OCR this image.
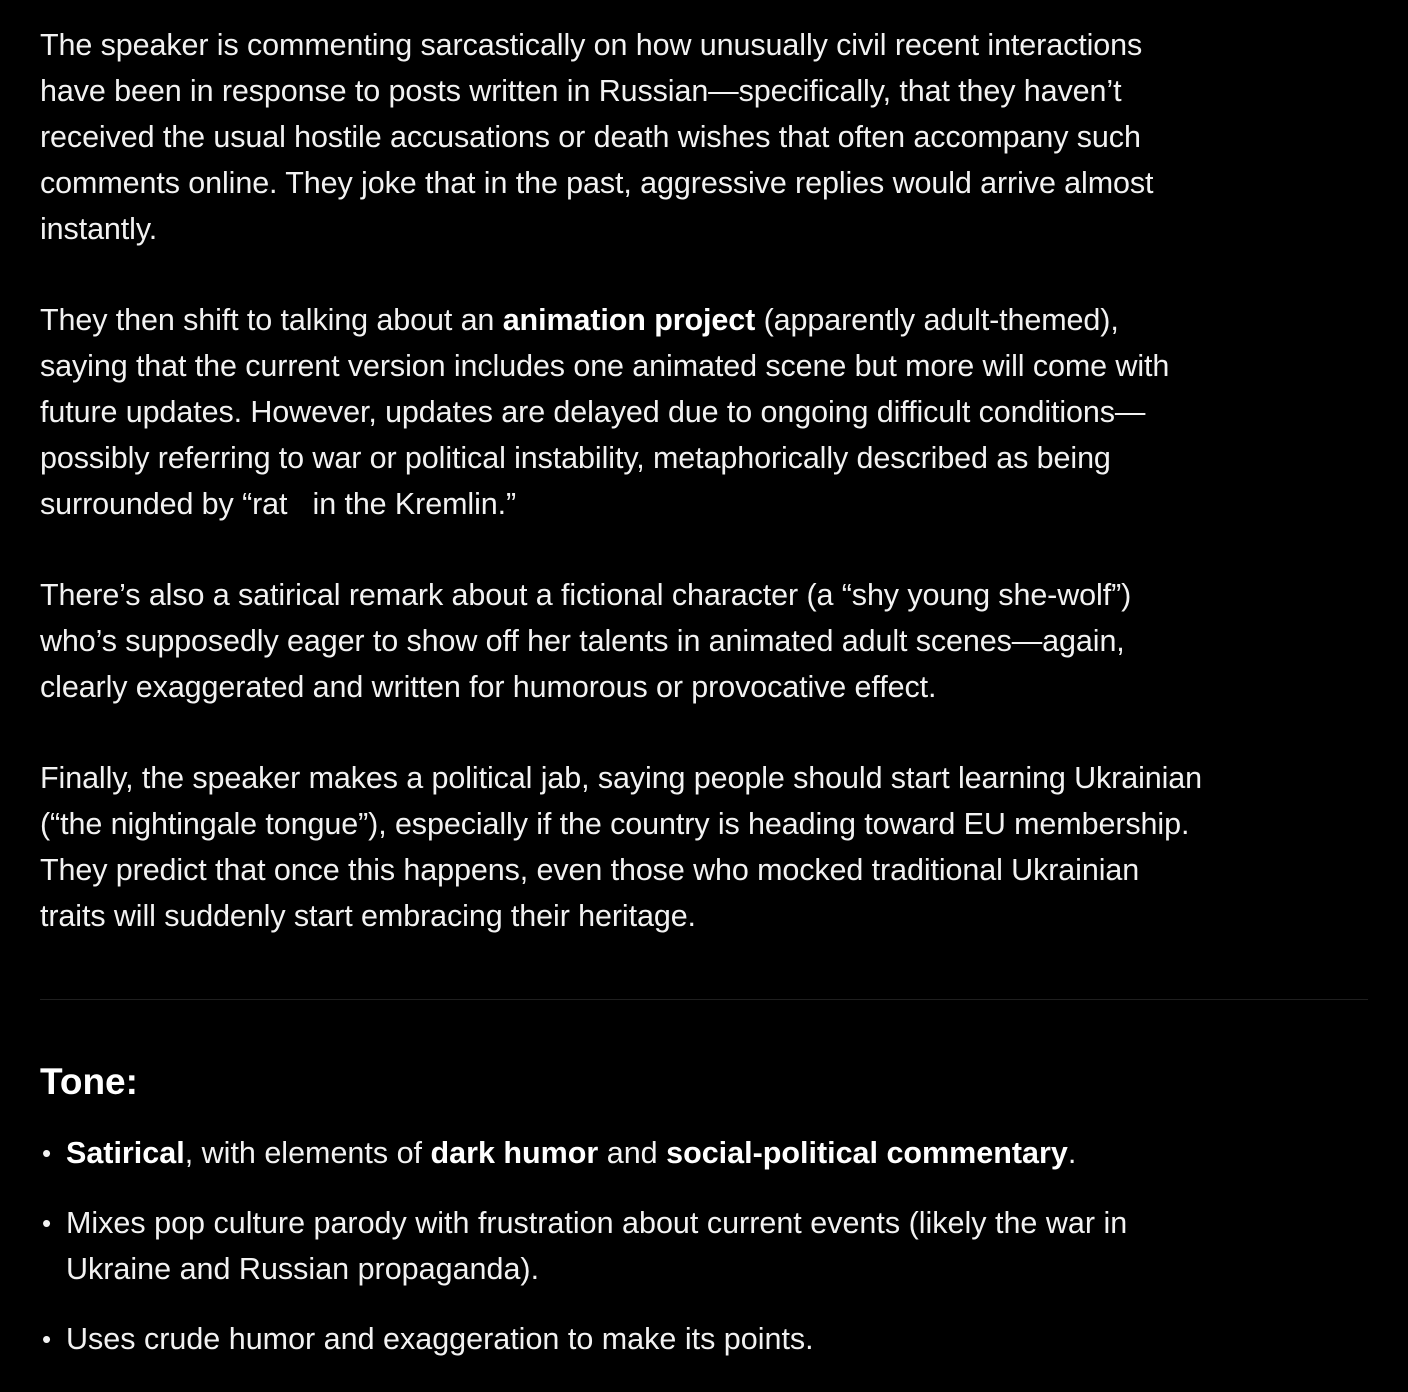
The speaker is commenting sarcastically on how unusually civil recent interactions
have been in response to posts written in Russian—specifically, that they haven’t
received the usual hostile accusations or death wishes that often accompany such
comments online. They joke that in the past, aggressive replies would arrive almost
instantly.

They then shift to talking about an animation project (apparently adult-themed),
saying that the current version includes one animated scene but more will come with
future updates. However, updates are delayed due to ongoing difficult conditions—
possibly referring to war or political instability, metaphorically described as being
surrounded by “rat   in the Kremlin.”

There’s also a satirical remark about a fictional character (a “shy young she-wolf”)
who’s supposedly eager to show off her talents in animated adult scenes—again,
clearly exaggerated and written for humorous or provocative effect.

Finally, the speaker makes a political jab, saying people should start learning Ukrainian
(“the nightingale tongue”), especially if the country is heading toward EU membership.
They predict that once this happens, even those who mocked traditional Ukrainian
traits will suddenly start embracing their heritage.

Tone:
• Satirical, with elements of dark humor and social-political commentary.
• Mixes pop culture parody with frustration about current events (likely the war in
Ukraine and Russian propaganda).
• Uses crude humor and exaggeration to make its points.
